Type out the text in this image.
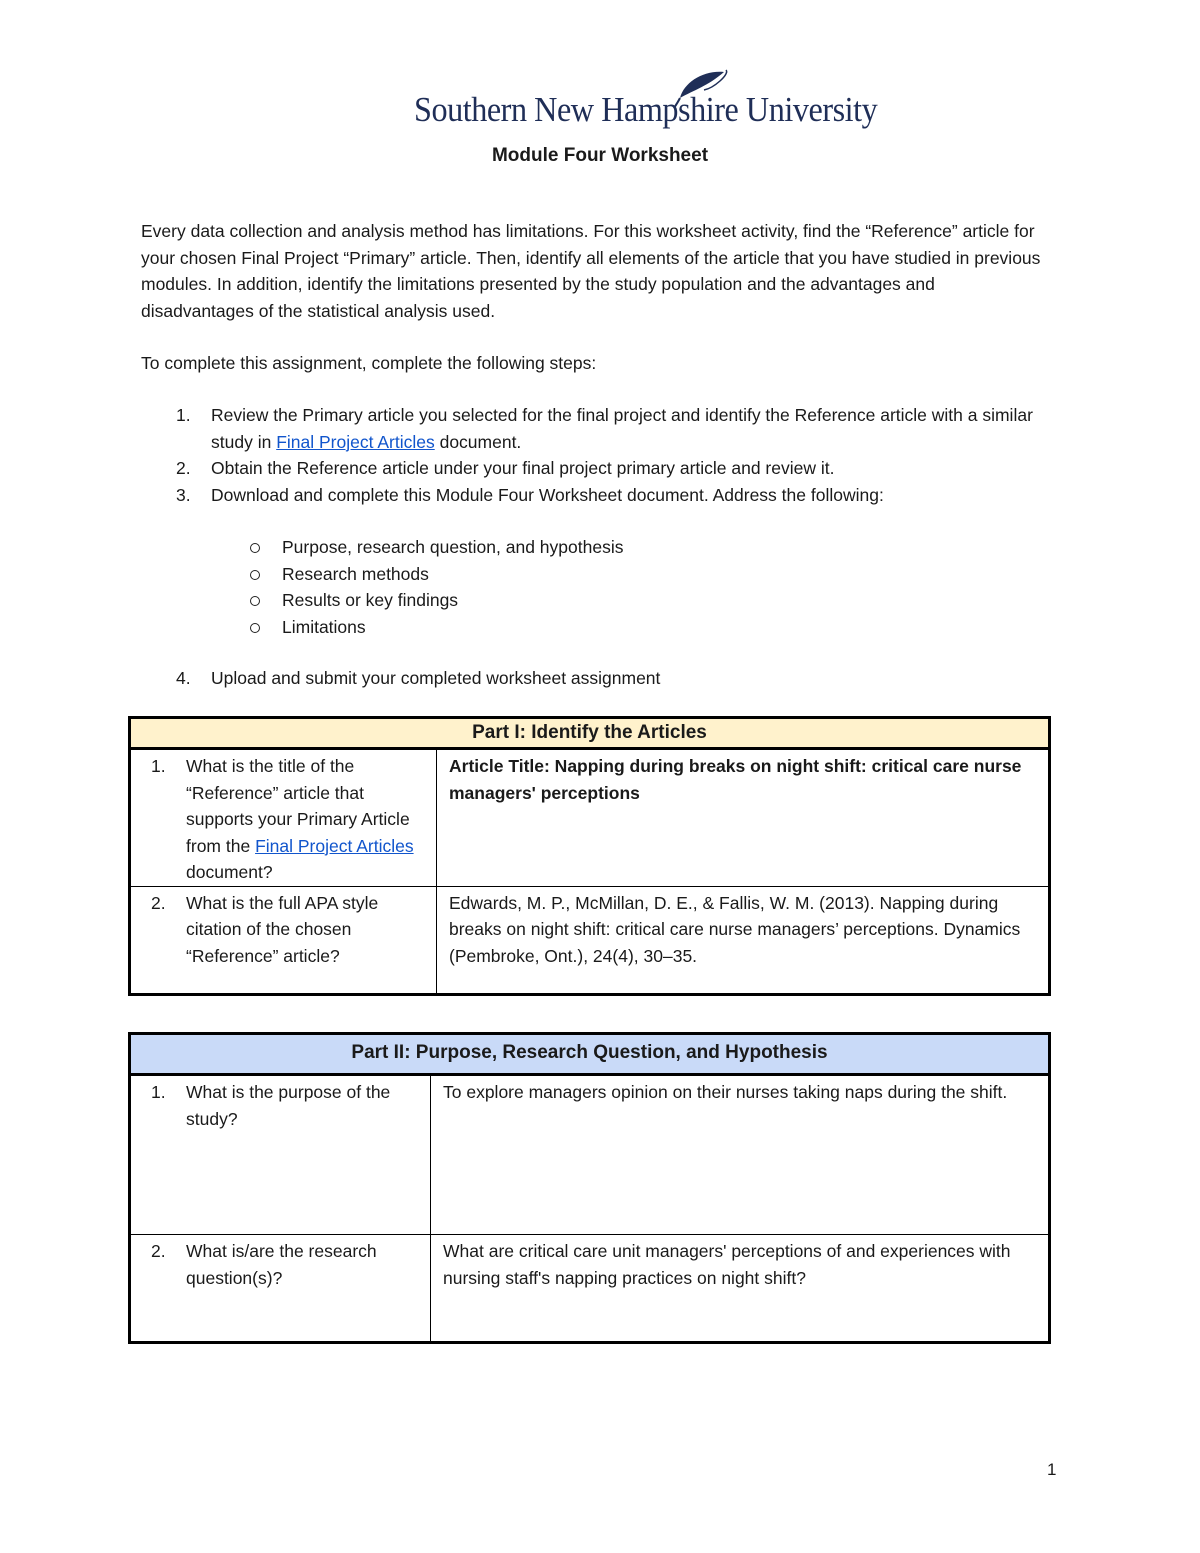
Southern New Hampshire University
Module Four Worksheet
Every data collection and analysis method has limitations. For this worksheet activity, find the “Reference” article for your chosen Final Project “Primary” article. Then, identify all elements of the article that you have studied in previous modules. In addition, identify the limitations presented by the study population and the advantages and disadvantages of the statistical analysis used.
To complete this assignment, complete the following steps:
1. Review the Primary article you selected for the final project and identify the Reference article with a similar study in Final Project Articles document.
2. Obtain the Reference article under your final project primary article and review it.
3. Download and complete this Module Four Worksheet document. Address the following:
Purpose, research question, and hypothesis
Research methods
Results or key findings
Limitations
4. Upload and submit your completed worksheet assignment
Part I: Identify the Articles	

1. What is the title of the “Reference” article that supports your Primary Article from the Final Project Articles document?	Article Title: Napping during breaks on night shift: critical care nurse managers' perceptions

2. What is the full APA style citation of the chosen “Reference” article?	Edwards, M. P., McMillan, D. E., & Fallis, W. M. (2013). Napping during breaks on night shift: critical care nurse managers’ perceptions. Dynamics (Pembroke, Ont.), 24(4), 30–35.
Part II: Purpose, Research Question, and Hypothesis	

1. What is the purpose of the study?	To explore managers opinion on their nurses taking naps during the shift.

2. What is/are the research question(s)?	What are critical care unit managers' perceptions of and experiences with nursing staff's napping practices on night shift?
1
